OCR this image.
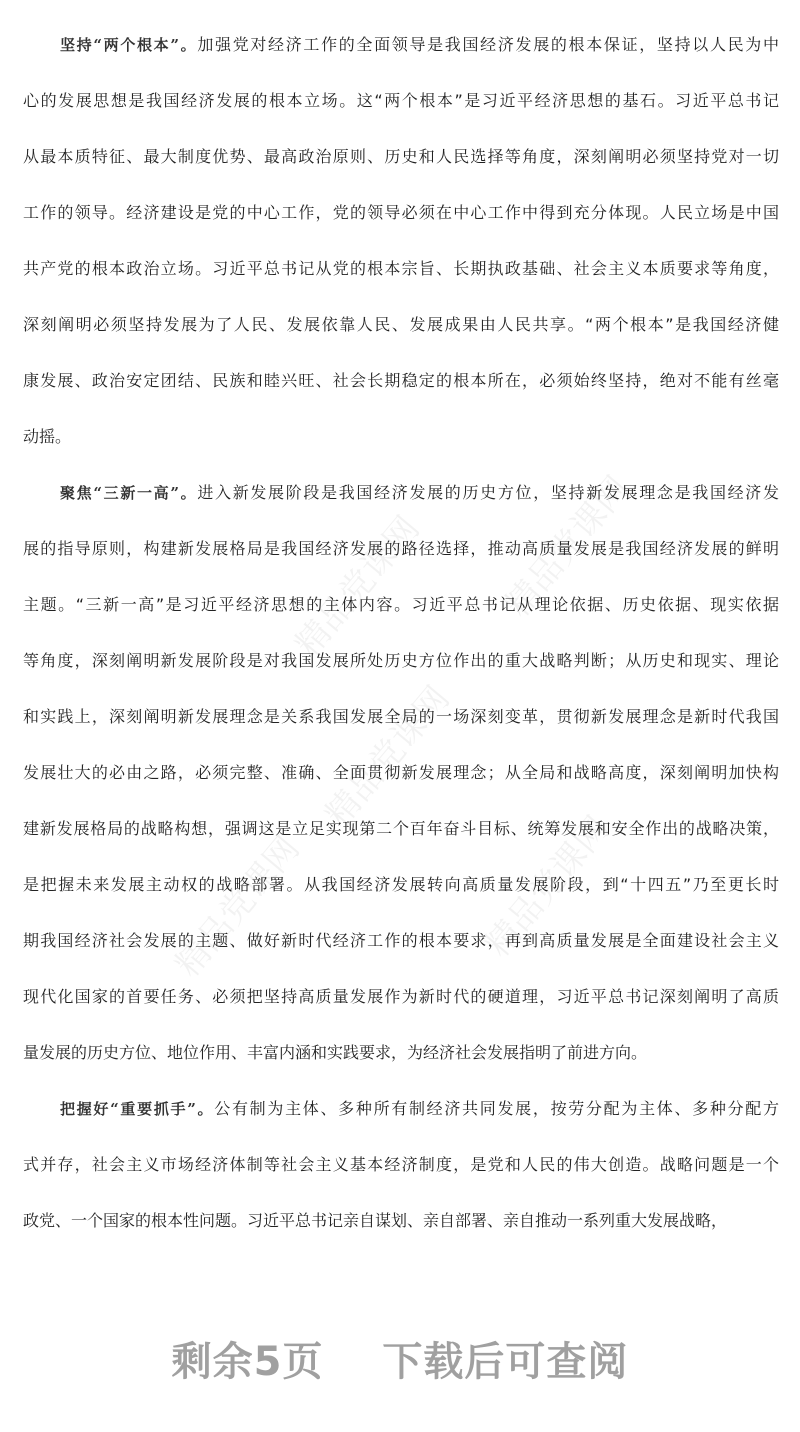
精品党课网 精品党课网
精品党课网
精品党课网	精品党课网
坚持“两个根本”。加强党对经济工作的全面领导是我国经济发展的根本保证，坚持以人民为中
心的发展思想是我国经济发展的根本立场。这“两个根本”是习近平经济思想的基石。习近平总书记
从最本质特征、最大制度优势、最高政治原则、历史和人民选择等角度，深刻阐明必须坚持党对一切
工作的领导。经济建设是党的中心工作，党的领导必须在中心工作中得到充分体现。人民立场是中国
共产党的根本政治立场。习近平总书记从党的根本宗旨、长期执政基础、社会主义本质要求等角度，
深刻阐明必须坚持发展为了人民、发展依靠人民、发展成果由人民共享。“两个根本”是我国经济健
康发展、政治安定团结、民族和睦兴旺、社会长期稳定的根本所在，必须始终坚持，绝对不能有丝毫
动摇。
聚焦“三新一高”。进入新发展阶段是我国经济发展的历史方位，坚持新发展理念是我国经济发
展的指导原则，构建新发展格局是我国经济发展的路径选择，推动高质量发展是我国经济发展的鲜明
主题。“三新一高”是习近平经济思想的主体内容。习近平总书记从理论依据、历史依据、现实依据
等角度，深刻阐明新发展阶段是对我国发展所处历史方位作出的重大战略判断；从历史和现实、理论
和实践上，深刻阐明新发展理念是关系我国发展全局的一场深刻变革，贯彻新发展理念是新时代我国
发展壮大的必由之路，必须完整、准确、全面贯彻新发展理念；从全局和战略高度，深刻阐明加快构
建新发展格局的战略构想，强调这是立足实现第二个百年奋斗目标、统筹发展和安全作出的战略决策，
是把握未来发展主动权的战略部署。从我国经济发展转向高质量发展阶段，到“十四五”乃至更长时
期我国经济社会发展的主题、做好新时代经济工作的根本要求，再到高质量发展是全面建设社会主义
现代化国家的首要任务、必须把坚持高质量发展作为新时代的硬道理，习近平总书记深刻阐明了高质
量发展的历史方位、地位作用、丰富内涵和实践要求，为经济社会发展指明了前进方向。
把握好“重要抓手”。公有制为主体、多种所有制经济共同发展，按劳分配为主体、多种分配方
式并存，社会主义市场经济体制等社会主义基本经济制度，是党和人民的伟大创造。战略问题是一个
政党、一个国家的根本性问题。习近平总书记亲自谋划、亲自部署、亲自推动一系列重大发展战略，
剩余5页 下载后可查阅
